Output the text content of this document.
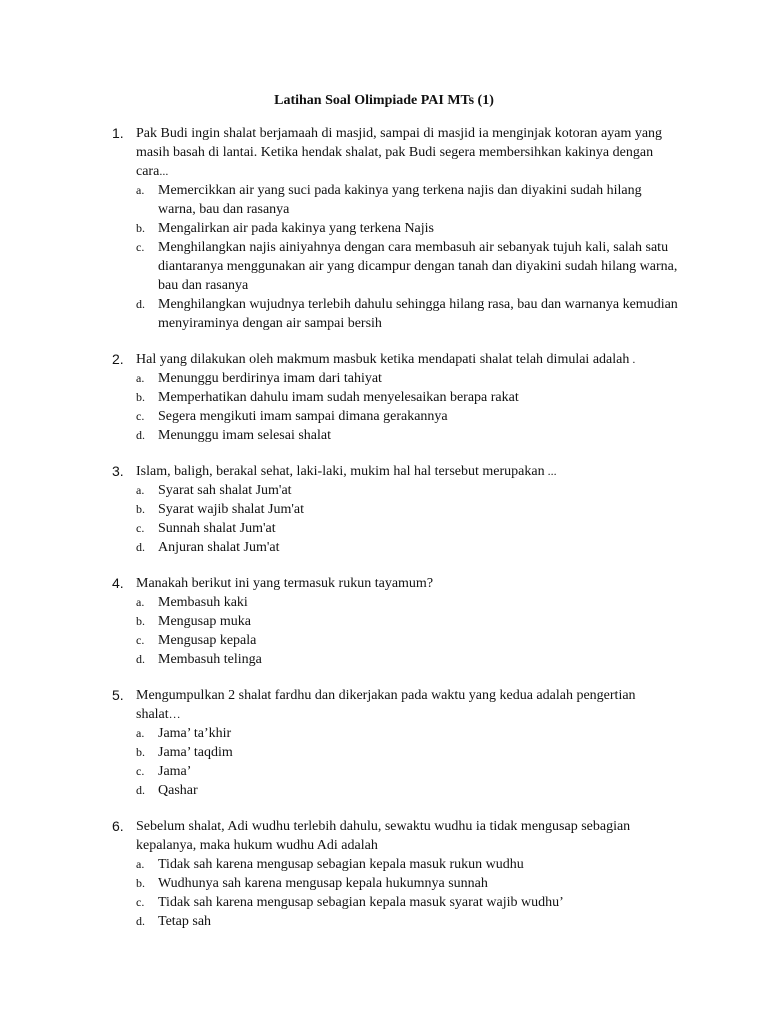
Latihan Soal Olimpiade PAI MTs (1)
1. Pak Budi ingin shalat berjamaah di masjid, sampai di masjid ia menginjak kotoran ayam yang masih basah di lantai. Ketika hendak shalat, pak Budi segera membersihkan kakinya dengan cara...
a. Memercikkan air yang suci pada kakinya yang terkena najis dan diyakini sudah hilang warna, bau dan rasanya
b. Mengalirkan air pada kakinya yang terkena Najis
c. Menghilangkan najis ainiyahnya dengan cara membasuh air sebanyak tujuh kali, salah satu diantaranya menggunakan air yang dicampur dengan tanah dan diyakini sudah hilang warna, bau dan rasanya
d. Menghilangkan wujudnya terlebih dahulu sehingga hilang rasa, bau dan warnanya kemudian menyiraminya dengan air sampai bersih
2. Hal yang dilakukan oleh makmum masbuk ketika mendapati shalat telah dimulai adalah .
a. Menunggu berdirinya imam dari tahiyat
b. Memperhatikan dahulu imam sudah menyelesaikan berapa rakat
c. Segera mengikuti imam sampai dimana gerakannya
d. Menunggu imam selesai shalat
3. Islam, baligh, berakal sehat, laki-laki, mukim hal hal tersebut merupakan ...
a. Syarat sah shalat Jum'at
b. Syarat wajib shalat Jum'at
c. Sunnah shalat Jum'at
d. Anjuran shalat Jum'at
4. Manakah berikut ini yang termasuk rukun tayamum?
a. Membasuh kaki
b. Mengusap muka
c. Mengusap kepala
d. Membasuh telinga
5. Mengumpulkan 2 shalat fardhu dan dikerjakan pada waktu yang kedua adalah pengertian shalat…
a. Jama’ ta’khir
b. Jama’ taqdim
c. Jama’
d. Qashar
6. Sebelum shalat, Adi wudhu terlebih dahulu, sewaktu wudhu ia tidak mengusap sebagian kepalanya, maka hukum wudhu Adi adalah
a. Tidak sah karena mengusap sebagian kepala masuk rukun wudhu
b. Wudhunya sah karena mengusap kepala hukumnya sunnah
c. Tidak sah karena mengusap sebagian kepala masuk syarat wajib wudhu’
d. Tetap sah
